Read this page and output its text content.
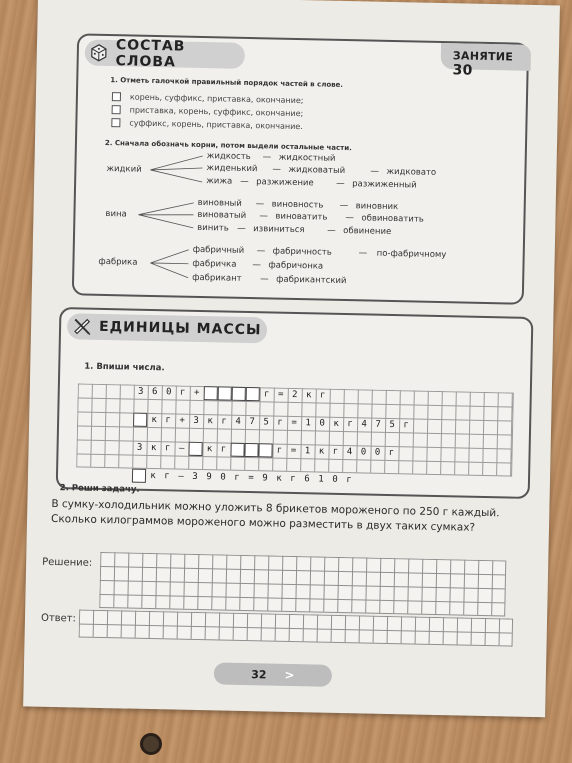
ЗАНЯТИЕ 30
СОСТАВ СЛОВА
1. Отметь галочкой правильный порядок частей в слове.
корень, суффикс, приставка, окончание;
приставка, корень, суффикс, окончание;
суффикс, корень, приставка, окончание.
2. Сначала обозначь корни, потом выдели остальные части.
жидкий
жидкость	жидкостный
жиденький	жидковатый	жидковато
жижа	разжижение	разжиженный
—
—	—
—	—
вина
виновный	виновность	виновник
виноватый	виноватить	обвиноватить
винить	извиниться	обвинение
—	—
—	—
—	—
фабрика
фабричный	фабричность	по-фабричному
фабричка	фабричонка
фабрикант	фабрикантский
—	—
—
—
ЕДИНИЦЫ МАССЫ
1. Впиши числа.
3 6 0 г +	г = 2 к г
к г + 3 к г 4 7 5 г = 1 0 к г 4 7 5 г
3 к г –	к г	г = 1 к г 4 0 0 г
к г – 3 9 0 г = 9 к г 6 1 0 г
2. Реши задачу.
В сумку-холодильник можно уложить 8 брикетов мороженого по 250 г каждый. Сколько килограммов мороженого можно разместить в двух таких сумках?
Решение:
Ответ:
32 >
